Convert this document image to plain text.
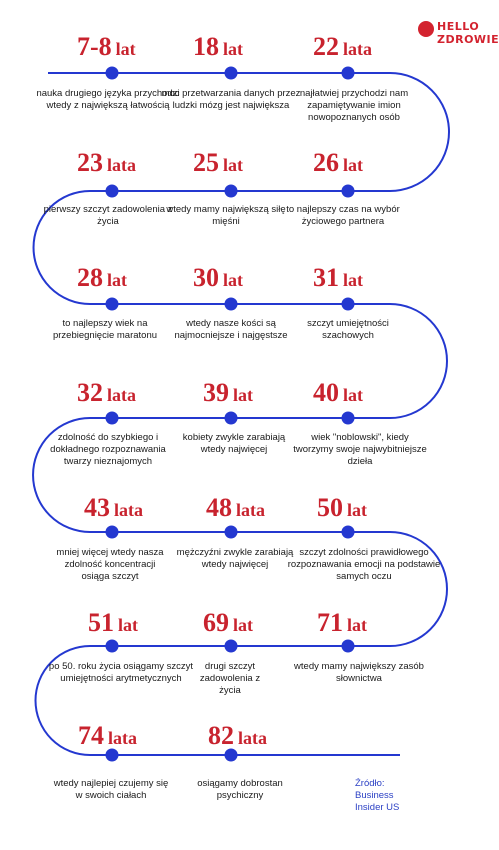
HELLO
ZDROWIE
7-8 lat
nauka drugiego języka przychodzi wtedy z największą łatwością
18 lat
moc przetwarzania danych przez ludzki mózg jest największa
22 lata
najłatwiej przychodzi nam zapamiętywanie imion nowopoznanych osób
23 lata
pierwszy szczyt zadowolenia z życia
25 lat
wtedy mamy największą siłę mięśni
26 lat
to najlepszy czas na wybór życiowego partnera
28 lat
to najlepszy wiek na przebiegnięcie maratonu
30 lat
wtedy nasze kości są najmocniejsze i najgęstsze
31 lat
szczyt umiejętności szachowych
32 lata
zdolność do szybkiego i dokładnego rozpoznawania twarzy nieznajomych
39 lat
kobiety zwykle zarabiają wtedy najwięcej
40 lat
wiek "noblowski", kiedy tworzymy swoje najwybitniejsze dzieła
43 lata
mniej więcej wtedy nasza zdolność koncentracji osiąga szczyt
48 lata
mężczyźni zwykle zarabiają wtedy najwięcej
50 lat
szczyt zdolności prawidłowego rozpoznawania emocji na podstawie samych oczu
51 lat
po 50. roku życia osiągamy szczyt umiejętności arytmetycznych
69 lat
drugi szczyt zadowolenia z życia
71 lat
wtedy mamy największy zasób słownictwa
74 lata
wtedy najlepiej czujemy się w swoich ciałach
82 lata
osiągamy dobrostan psychiczny
Źródło:
Business
Insider US
